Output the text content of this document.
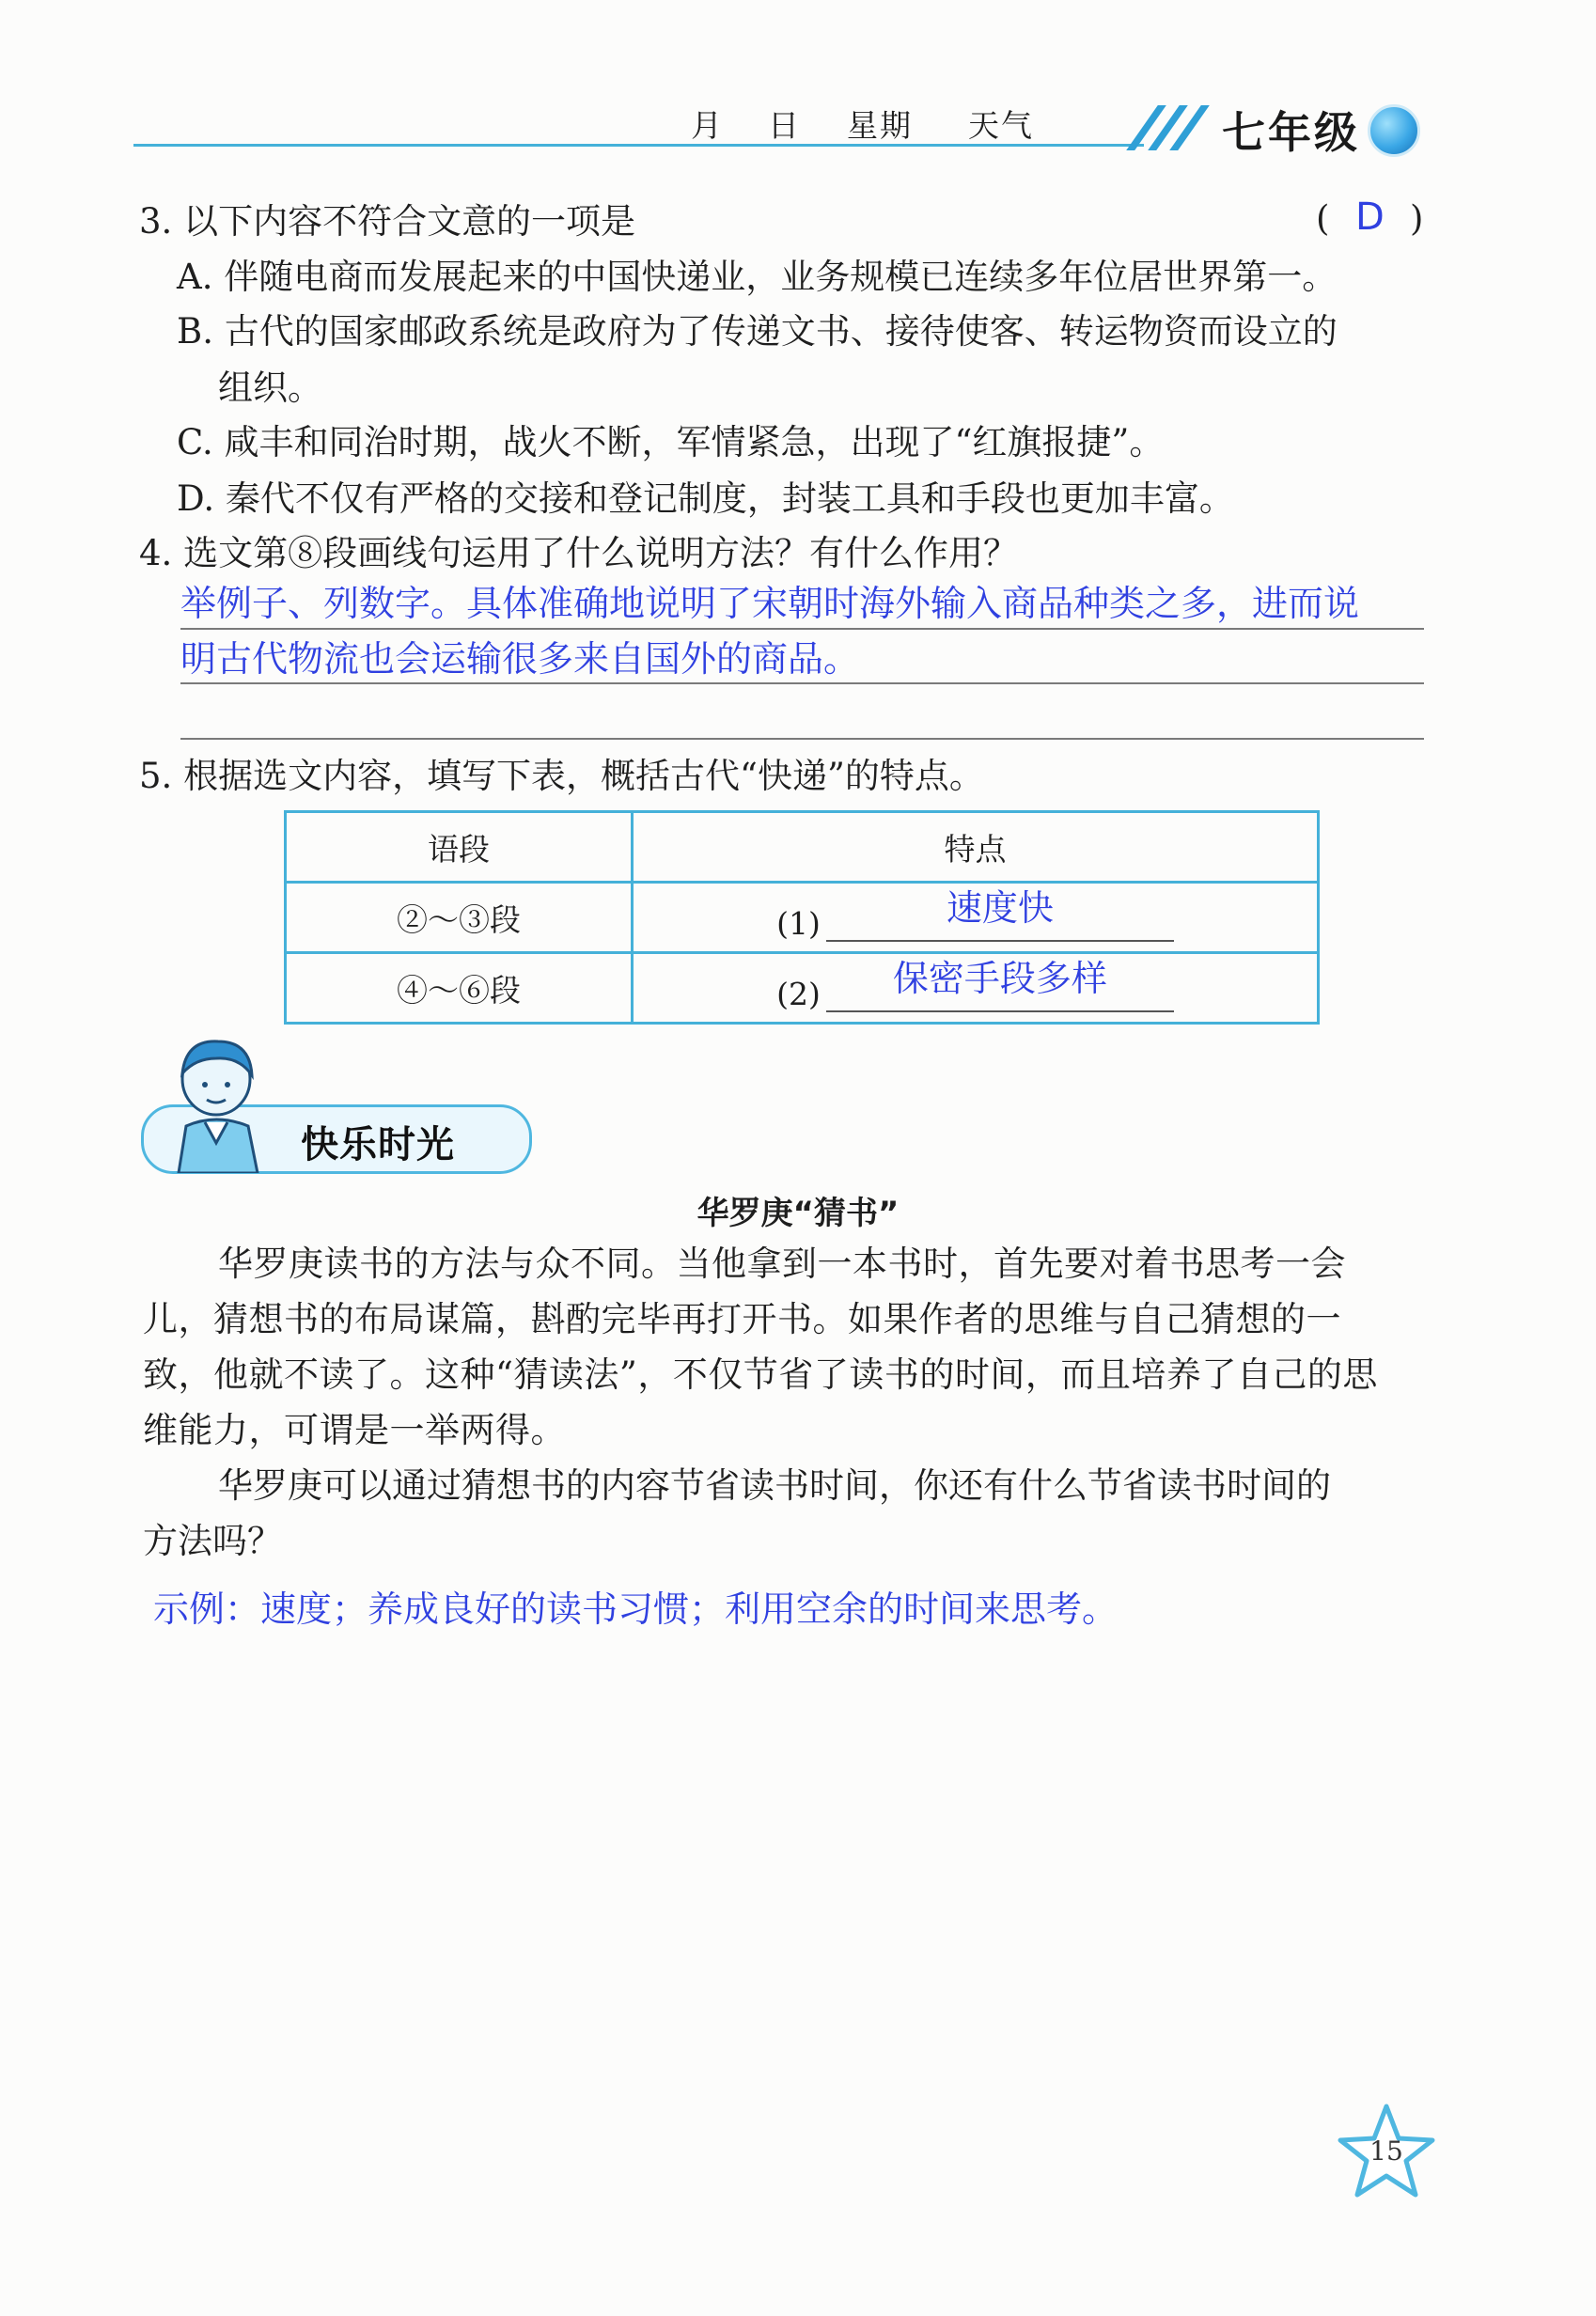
月 日 星期 天气	七年级
3. 以下内容不符合文意的一项是	( D )
A. 伴随电商而发展起来的中国快递业，业务规模已连续多年位居世界第一。
B. 古代的国家邮政系统是政府为了传递文书、接待使客、转运物资而设立的
组织。
C. 咸丰和同治时期，战火不断，军情紧急，出现了“红旗报捷”。
D. 秦代不仅有严格的交接和登记制度，封装工具和手段也更加丰富。
4. 选文第⑧段画线句运用了什么说明方法？有什么作用？
举例子、列数字。具体准确地说明了宋朝时海外输入商品种类之多，进而说
明古代物流也会运输很多来自国外的商品。
5. 根据选文内容，填写下表，概括古代“快递”的特点。
语段	特点
②～③段	(1) 速度快

④～⑥段	(2) 保密手段多样
快乐时光
华罗庚“猜书”
华罗庚读书的方法与众不同。当他拿到一本书时，首先要对着书思考一会
儿，猜想书的布局谋篇，斟酌完毕再打开书。如果作者的思维与自己猜想的一
致，他就不读了。这种“猜读法”，不仅节省了读书的时间，而且培养了自己的思
维能力，可谓是一举两得。
华罗庚可以通过猜想书的内容节省读书时间，你还有什么节省读书时间的
方法吗？
示例：速度；养成良好的读书习惯；利用空余的时间来思考。
15
